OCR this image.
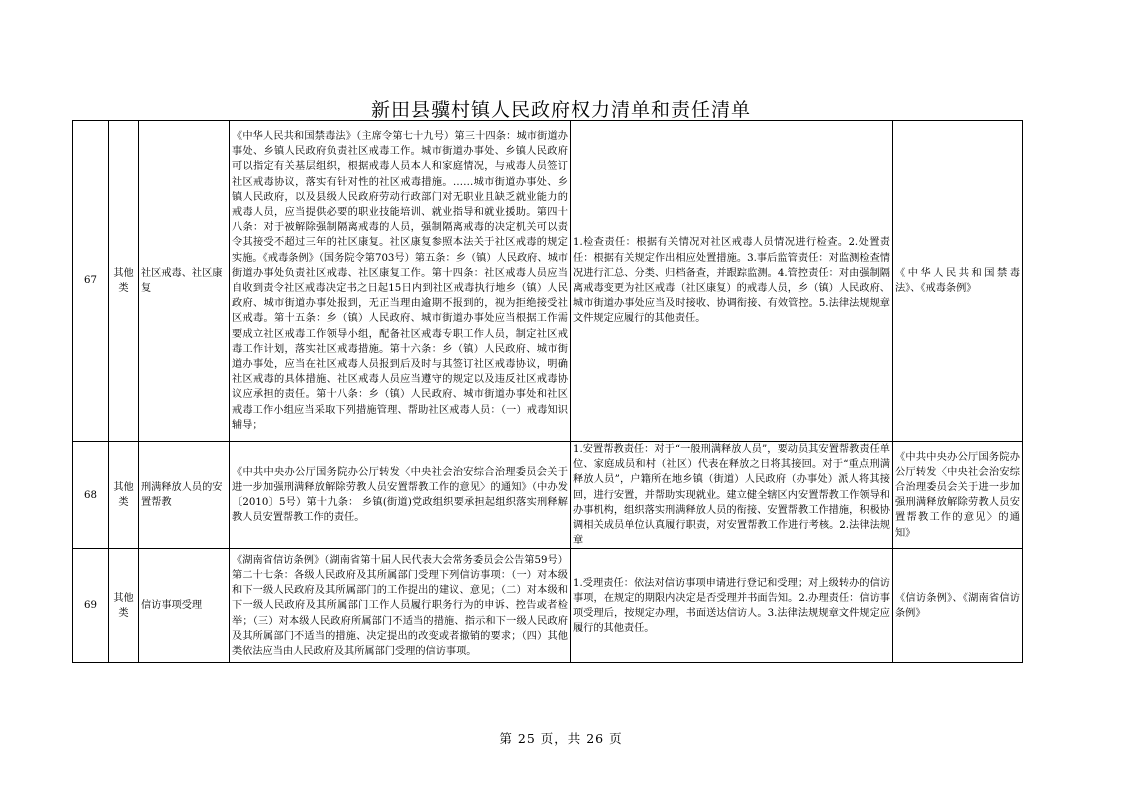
新田县骥村镇人民政府权力清单和责任清单
67	其他类	社区戒毒、社区康复	《中华人民共和国禁毒法》（主席令第七十九号）第三十四条：城市街道办事处、乡镇人民政府负责社区戒毒工作。城市街道办事处、乡镇人民政府可以指定有关基层组织，根据戒毒人员本人和家庭情况，与戒毒人员签订社区戒毒协议，落实有针对性的社区戒毒措施。……城市街道办事处、乡镇人民政府，以及县级人民政府劳动行政部门对无职业且缺乏就业能力的戒毒人员，应当提供必要的职业技能培训、就业指导和就业援助。第四十八条：对于被解除强制隔离戒毒的人员，强制隔离戒毒的决定机关可以责令其接受不超过三年的社区康复。社区康复参照本法关于社区戒毒的规定实施。《戒毒条例》（国务院令第703号）第五条：乡（镇）人民政府、城市街道办事处负责社区戒毒、社区康复工作。第十四条：社区戒毒人员应当自收到责令社区戒毒决定书之日起15日内到社区戒毒执行地乡（镇）人民政府、城市街道办事处报到，无正当理由逾期不报到的，视为拒绝接受社区戒毒。第十五条：乡（镇）人民政府、城市街道办事处应当根据工作需要成立社区戒毒工作领导小组，配备社区戒毒专职工作人员，制定社区戒毒工作计划，落实社区戒毒措施。第十六条：乡（镇）人民政府、城市街道办事处，应当在社区戒毒人员报到后及时与其签订社区戒毒协议，明确社区戒毒的具体措施、社区戒毒人员应当遵守的规定以及违反社区戒毒协议应承担的责任。第十八条：乡（镇）人民政府、城市街道办事处和社区戒毒工作小组应当采取下列措施管理、帮助社区戒毒人员：（一）戒毒知识辅导；	1.检查责任：根据有关情况对社区戒毒人员情况进行检查。2.处置责任：根据有关规定作出相应处置措施。3.事后监管责任：对监测检查情况进行汇总、分类、归档备查，并跟踪监测。4.管控责任：对由强制隔离戒毒变更为社区戒毒（社区康复）的戒毒人员，乡（镇）人民政府、城市街道办事处应当及时接收、协调衔接、有效管控。5.法律法规规章文件规定应履行的其他责任。	《中华人民共和国禁毒法》、《戒毒条例》
68	其他类	刑满释放人员的安置帮教	《中共中央办公厅国务院办公厅转发〈中央社会治安综合治理委员会关于进一步加强刑满释放解除劳教人员安置帮教工作的意见〉的通知》（中办发〔2010〕5号）第十九条： 乡镇(街道)党政组织要承担起组织落实刑释解教人员安置帮教工作的责任。	1.安置帮教责任：对于“一般刑满释放人员”，要动员其安置帮教责任单位、家庭成员和村（社区）代表在释放之日将其接回。对于“重点刑满释放人员”，户籍所在地乡镇（街道）人民政府（办事处）派人将其接回，进行安置，并帮助实现就业。建立健全辖区内安置帮教工作领导和办事机构，组织落实刑满释放人员的衔接、安置帮教工作措施，积极协调相关成员单位认真履行职责，对安置帮教工作进行考核。2.法律法规章	《中共中央办公厅国务院办公厅转发〈中央社会治安综合治理委员会关于进一步加强刑满释放解除劳教人员安置帮教工作的意见〉的通知》
69	其他类	信访事项受理	《湖南省信访条例》（湖南省第十届人民代表大会常务委员会公告第59号）第二十七条：各级人民政府及其所属部门受理下列信访事项：（一）对本级和下一级人民政府及其所属部门的工作提出的建议、意见；（二）对本级和下一级人民政府及其所属部门工作人员履行职务行为的申诉、控告或者检举；（三）对本级人民政府所属部门不适当的措施、指示和下一级人民政府及其所属部门不适当的措施、决定提出的改变或者撤销的要求；（四）其他类依法应当由人民政府及其所属部门受理的信访事项。	1.受理责任：依法对信访事项申请进行登记和受理；对上级转办的信访事项，在规定的期限内决定是否受理并书面告知。2.办理责任：信访事项受理后，按规定办理，书面送达信访人。3.法律法规规章文件规定应履行的其他责任。	《信访条例》、《湖南省信访条例》
第 25 页，共 26 页
